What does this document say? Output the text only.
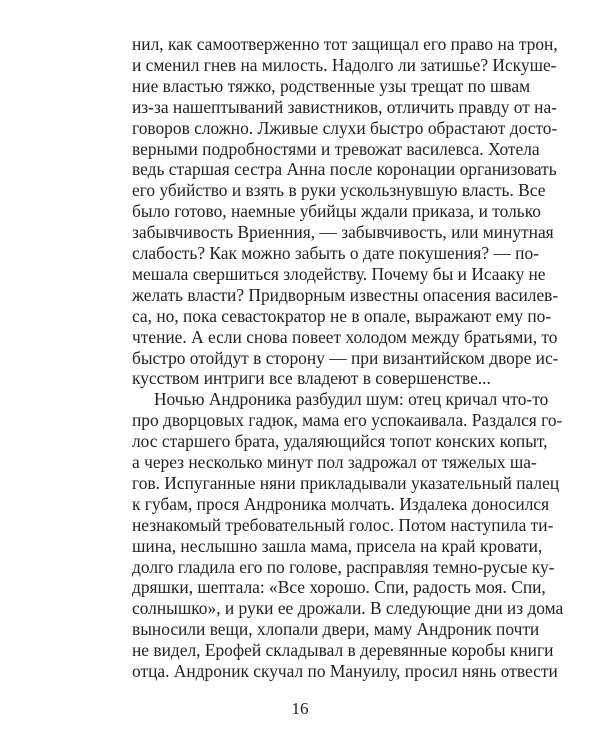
нил, как самоотверженно тот защищал его право на трон,
и сменил гнев на милость. Надолго ли затишье? Искуше-
ние властью тяжко, родственные узы трещат по швам
из-за нашептываний завистников, отличить правду от на-
говоров сложно. Лживые слухи быстро обрастают досто-
верными подробностями и тревожат василевса. Хотела
ведь старшая сестра Анна после коронации организовать
его убийство и взять в руки ускользнувшую власть. Все
было готово, наемные убийцы ждали приказа, и только
забывчивость Вриенния, — забывчивость, или минутная
слабость? Как можно забыть о дате покушения? — по-
мешала свершиться злодейству. Почему бы и Исааку не
желать власти? Придворным известны опасения василев-
са, но, пока севастократор не в опале, выражают ему по-
чтение. А если снова повеет холодом между братьями, то
быстро отойдут в сторону — при византийском дворе ис-
кусством интриги все владеют в совершенстве...
Ночью Андроника разбудил шум: отец кричал что-то
про дворцовых гадюк, мама его успокаивала. Раздался го-
лос старшего брата, удаляющийся топот конских копыт,
а через несколько минут пол задрожал от тяжелых ша-
гов. Испуганные няни прикладывали указательный палец
к губам, прося Андроника молчать. Издалека доносился
незнакомый требовательный голос. Потом наступила ти-
шина, неслышно зашла мама, присела на край кровати,
долго гладила его по голове, расправляя темно-русые ку-
дряшки, шептала: «Все хорошо. Спи, радость моя. Спи,
солнышко», и руки ее дрожали. В следующие дни из дома
выносили вещи, хлопали двери, маму Андроник почти
не видел, Ерофей складывал в деревянные коробы книги
отца. Андроник скучал по Мануилу, просил нянь отвести
16
